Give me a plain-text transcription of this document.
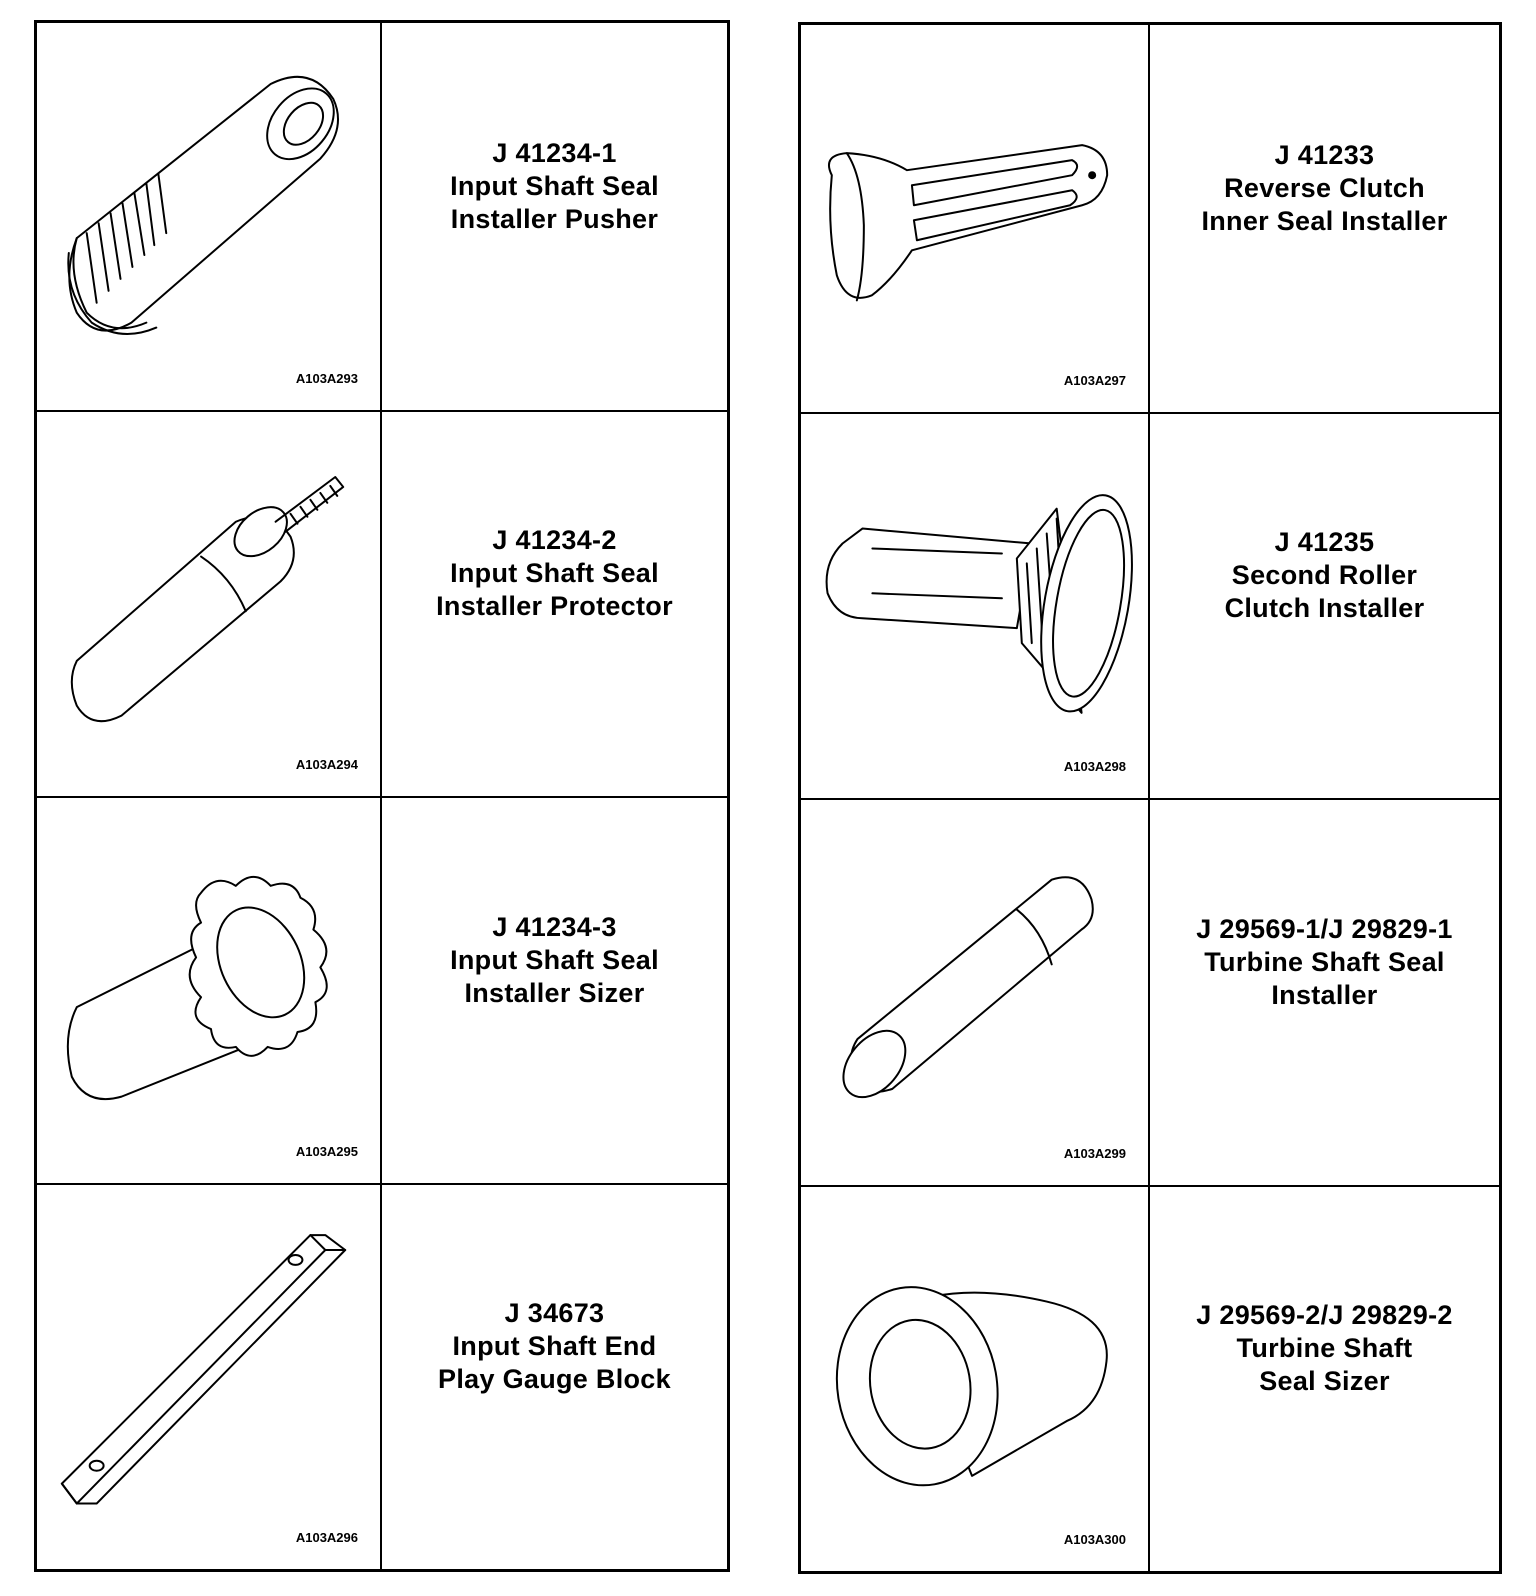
A103A293
J 41234-1
Input Shaft Seal
Installer Pusher
A103A294
J 41234-2
Input Shaft Seal
Installer Protector
A103A295
J 41234-3
Input Shaft Seal
Installer Sizer
A103A296
J 34673
Input Shaft End
Play Gauge Block
A103A297
J 41233
Reverse Clutch
Inner Seal Installer
A103A298
J 41235
Second Roller
Clutch Installer
A103A299
J 29569-1/J 29829-1
Turbine Shaft Seal
Installer
A103A300
J 29569-2/J 29829-2
Turbine Shaft
Seal Sizer
